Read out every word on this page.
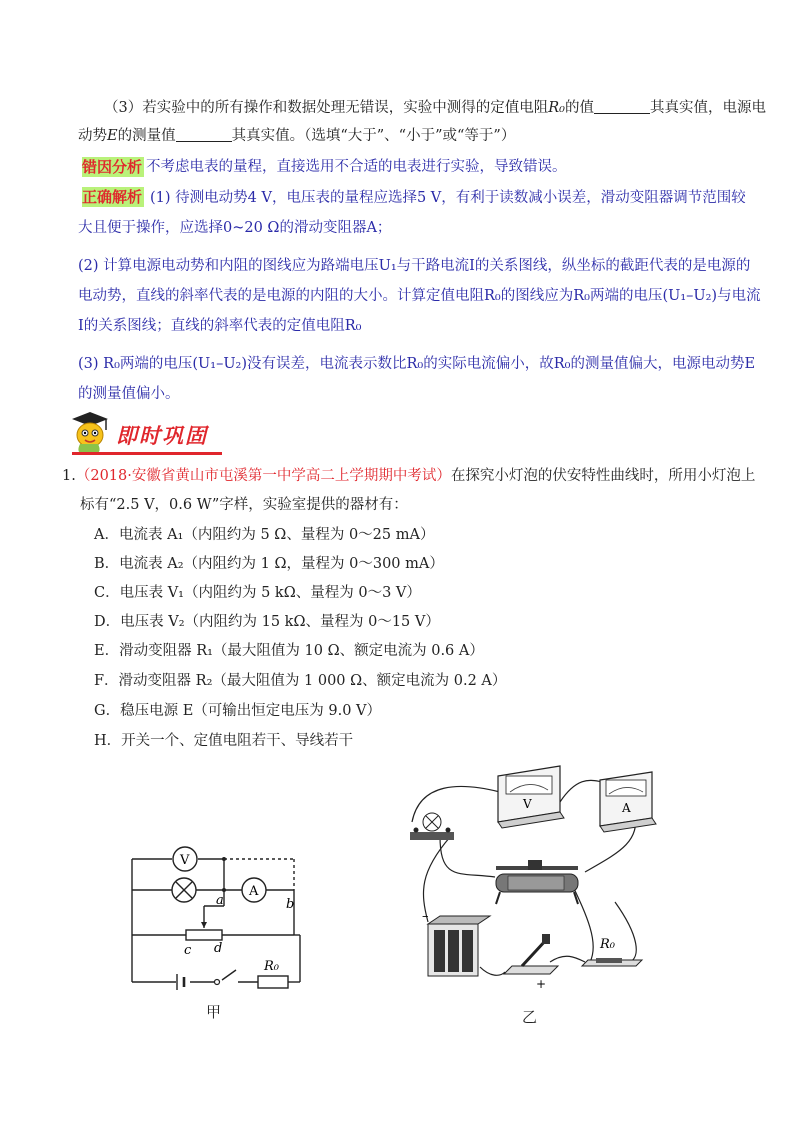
（3）若实验中的所有操作和数据处理无错误，实验中测得的定值电阻R₀的值	其真实值，电源电
动势E的测量值	其真实值。（选填“大于”、“小于”或“等于”）
错因分析 不考虑电表的量程，直接选用不合适的电表进行实验，导致错误。
正确解析 (1) 待测电动势4 V，电压表的量程应选择5 V，有利于读数减小误差，滑动变阻器调节范围较
大且便于操作，应选择0~20 Ω的滑动变阻器A；
(2) 计算电源电动势和内阻的图线应为路端电压U₁与干路电流I的关系图线，纵坐标的截距代表的是电源的
电动势，直线的斜率代表的是电源的内阻的大小。计算定值电阻R₀的图线应为R₀两端的电压(U₁–U₂)与电流
I的关系图线；直线的斜率代表的定值电阻R₀
(3) R₀两端的电压(U₁–U₂)没有误差，电流表示数比R₀的实际电流偏小，故R₀的测量值偏大，电源电动势E
的测量值偏小。
即时巩固
1.（2018·安徽省黄山市屯溪第一中学高二上学期期中考试）在探究小灯泡的伏安特性曲线时，所用小灯泡上
标有“2.5 V，0.6 W”字样，实验室提供的器材有：
A．电流表 A₁（内阻约为 5 Ω、量程为 0～25 mA）
B．电流表 A₂（内阻约为 1 Ω，量程为 0～300 mA）
C．电压表 V₁（内阻约为 5 kΩ、量程为 0～3 V）
D．电压表 V₂（内阻约为 15 kΩ、量程为 0～15 V）
E．滑动变阻器 R₁（最大阻值为 10 Ω、额定电流为 0.6 A）
F．滑动变阻器 R₂（最大阻值为 1 000 Ω、额定电流为 0.2 A）
G．稳压电源 E（可输出恒定电压为 9.0 V）
H．开关一个、定值电阻若干、导线若干
V
A
a	b
c d
R₀
甲
V	A
–
+
R₀
乙
